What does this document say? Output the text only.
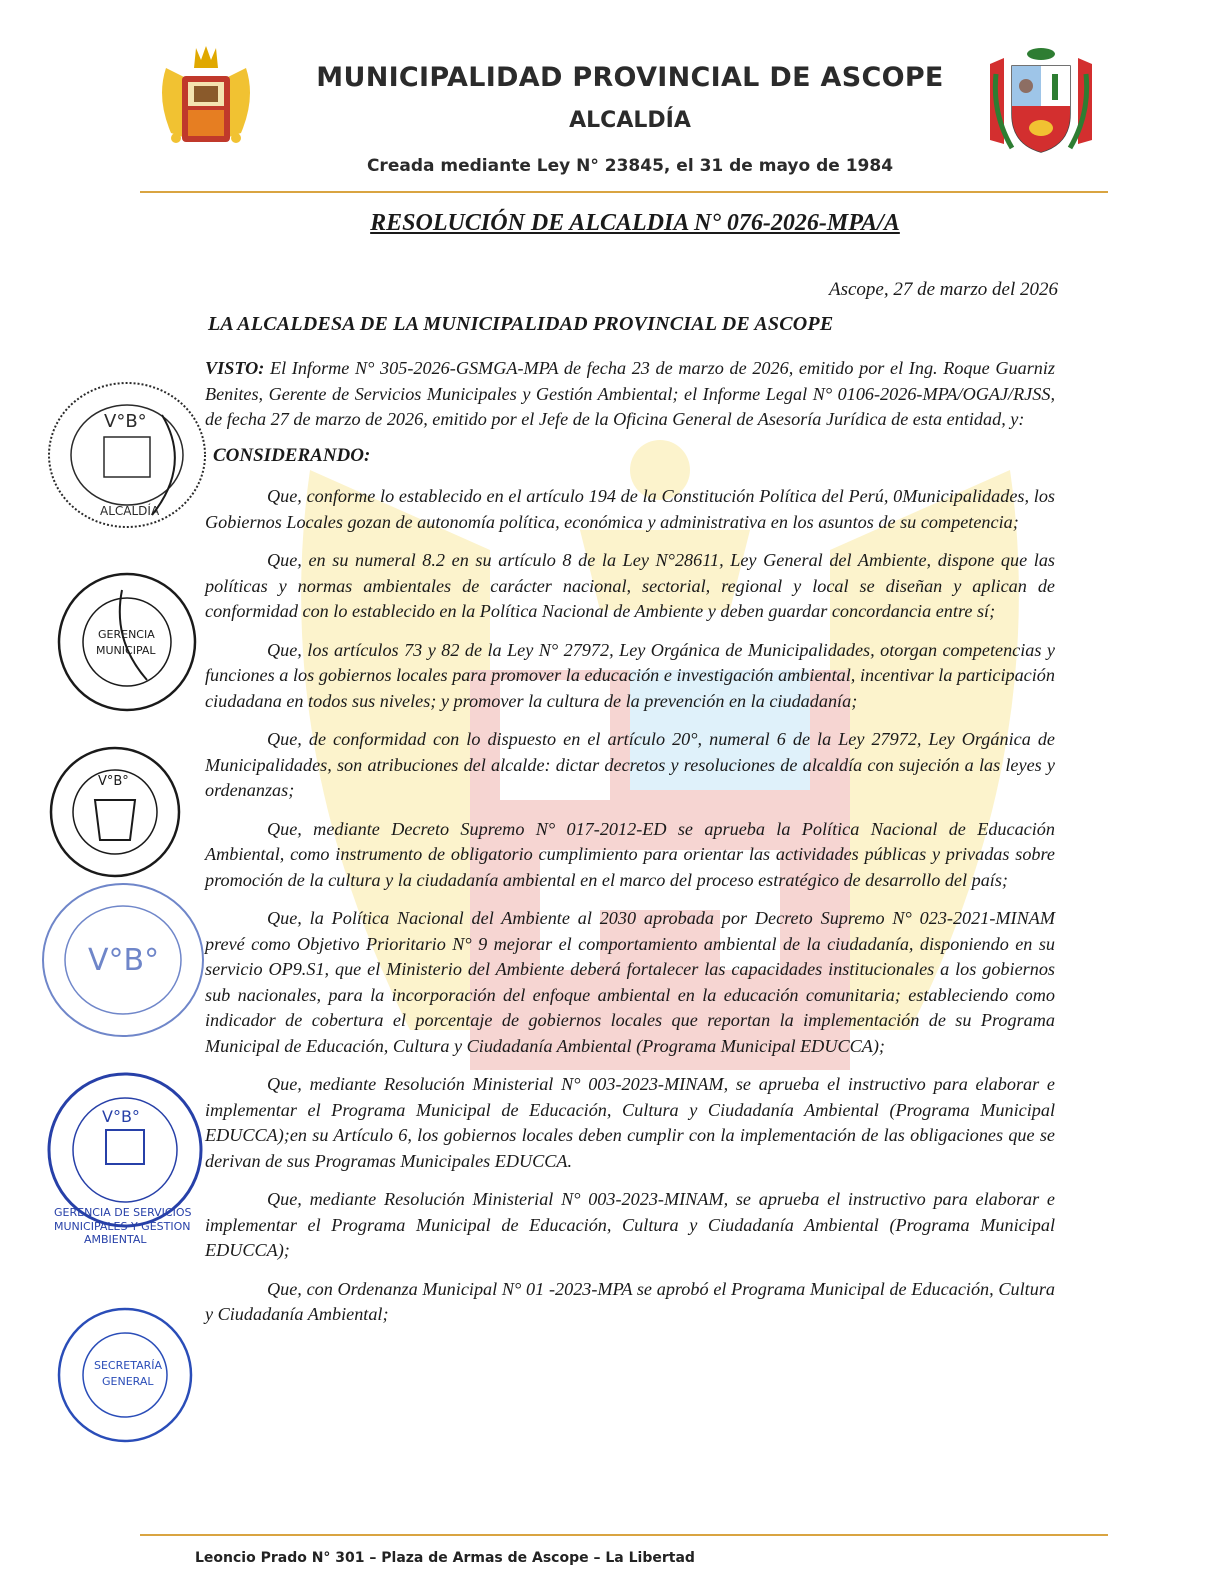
MUNICIPALIDAD PROVINCIAL DE ASCOPE
ALCALDÍA
Creada mediante Ley N° 23845, el 31 de mayo de 1984
RESOLUCIÓN DE ALCALDIA N° 076-2026-MPA/A
Ascope, 27 de marzo del 2026
LA ALCALDESA DE LA MUNICIPALIDAD PROVINCIAL DE ASCOPE

VISTO: El Informe N° 305-2026-GSMGA-MPA de fecha 23 de marzo de 2026, emitido por el Ing. Roque Guarniz Benites, Gerente de Servicios Municipales y Gestión Ambiental; el Informe Legal N° 0106-2026-MPA/OGAJ/RJSS, de fecha 27 de marzo de 2026, emitido por el Jefe de la Oficina General de Asesoría Jurídica de esta entidad, y:

CONSIDERANDO:

Que, conforme lo establecido en el artículo 194 de la Constitución Política del Perú, 0Municipalidades, los Gobiernos Locales gozan de autonomía política, económica y administrativa en los asuntos de su competencia;

Que, en su numeral 8.2 en su artículo 8 de la Ley N°28611, Ley General del Ambiente, dispone que las políticas y normas ambientales de carácter nacional, sectorial, regional y local se diseñan y aplican de conformidad con lo establecido en la Política Nacional de Ambiente y deben guardar concordancia entre sí;

Que, los artículos 73 y 82 de la Ley N° 27972, Ley Orgánica de Municipalidades, otorgan competencias y funciones a los gobiernos locales para promover la educación e investigación ambiental, incentivar la participación ciudadana en todos sus niveles; y promover la cultura de la prevención en la ciudadanía;

Que, de conformidad con lo dispuesto en el artículo 20°, numeral 6 de la Ley 27972, Ley Orgánica de Municipalidades, son atribuciones del alcalde: dictar decretos y resoluciones de alcaldía con sujeción a las leyes y ordenanzas;

Que, mediante Decreto Supremo N° 017-2012-ED se aprueba la Política Nacional de Educación Ambiental, como instrumento de obligatorio cumplimiento para orientar las actividades públicas y privadas sobre promoción de la cultura y la ciudadanía ambiental en el marco del proceso estratégico de desarrollo del país;

Que, la Política Nacional del Ambiente al 2030 aprobada por Decreto Supremo N° 023-2021-MINAM prevé como Objetivo Prioritario N° 9 mejorar el comportamiento ambiental de la ciudadanía, disponiendo en su servicio OP9.S1, que el Ministerio del Ambiente deberá fortalecer las capacidades institucionales a los gobiernos sub nacionales, para la incorporación del enfoque ambiental en la educación comunitaria; estableciendo como indicador de cobertura el porcentaje de gobiernos locales que reportan la implementación de su Programa Municipal de Educación, Cultura y Ciudadanía Ambiental (Programa Municipal EDUCCA);

Que, mediante Resolución Ministerial N° 003-2023-MINAM, se aprueba el instructivo para elaborar e implementar el Programa Municipal de Educación, Cultura y Ciudadanía Ambiental (Programa Municipal EDUCCA);en su Artículo 6, los gobiernos locales deben cumplir con la implementación de las obligaciones que se derivan de sus Programas Municipales EDUCCA.

Que, mediante Resolución Ministerial N° 003-2023-MINAM, se aprueba el instructivo para elaborar e implementar el Programa Municipal de Educación, Cultura y Ciudadanía Ambiental (Programa Municipal EDUCCA);

Que, con Ordenanza Municipal N° 01 -2023-MPA se aprobó el Programa Municipal de Educación, Cultura y Ciudadanía Ambiental;

V°B°
ALCALDÍA
GERENCIA
MUNICIPAL
V°B°
V°B°
V°B°
GERENCIA DE SERVICIOS
MUNICIPALES Y GESTION
AMBIENTAL
SECRETARÍA
GENERAL
Leoncio Prado N° 301 – Plaza de Armas de Ascope – La Libertad
